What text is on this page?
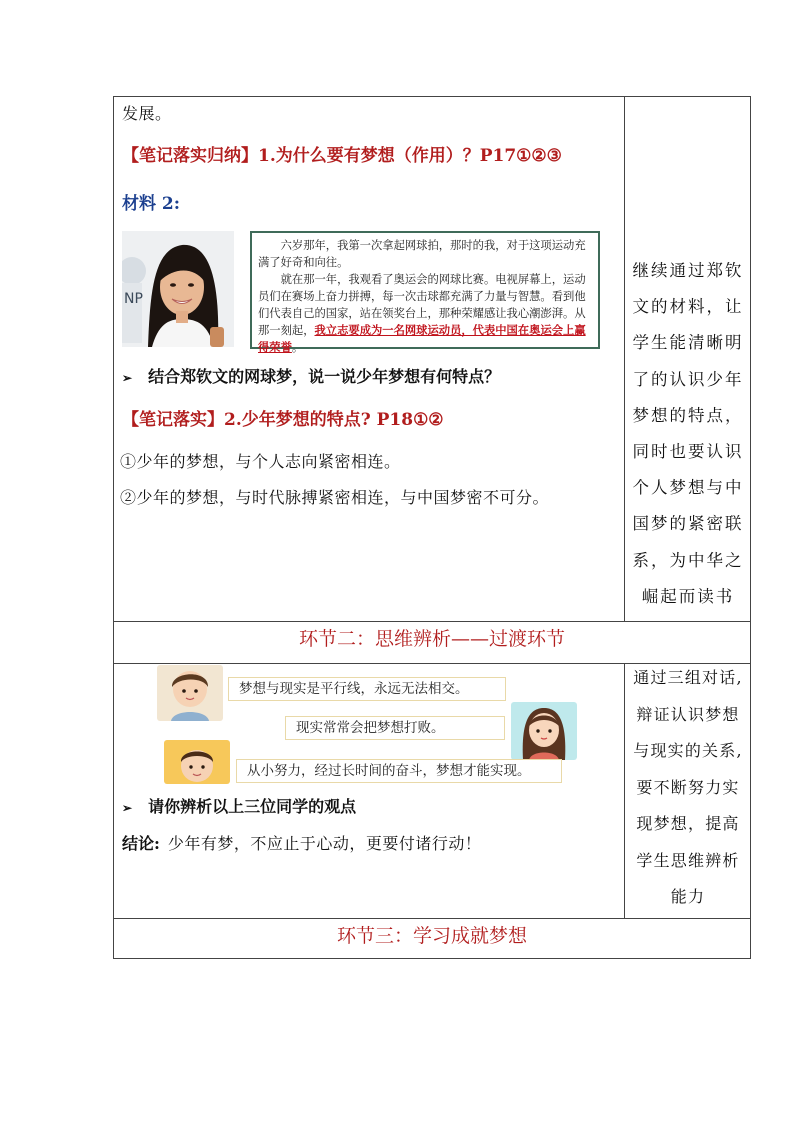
发展。
【笔记落实归纳】1.为什么要有梦想（作用）？P17①②③
材料 2:
NP

六岁那年，我第一次拿起网球拍，那时的我，对于这项运动充满了好奇和向往。

就在那一年，我观看了奥运会的网球比赛。电视屏幕上，运动员们在赛场上奋力拼搏，每一次击球都充满了力量与智慧。看到他们代表自己的国家，站在领奖台上，那种荣耀感让我心潮澎湃。从那一刻起，我立志要成为一名网球运动员，代表中国在奥运会上赢得荣誉。

➢ 结合郑钦文的网球梦，说一说少年梦想有何特点？
【笔记落实】2.少年梦想的特点? P18①②
①少年的梦想，与个人志向紧密相连。
②少年的梦想，与时代脉搏紧密相连，与中国梦密不可分。
继续通过郑钦
文的材料，让
学生能清晰明
了的认识少年
梦想的特点，
同时也要认识
个人梦想与中
国梦的紧密联
系，为中华之
崛起而读书
环节二：思维辨析——过渡环节
梦想与现实是平行线，永远无法相交。
现实常常会把梦想打败。
从小努力，经过长时间的奋斗，梦想才能实现。
➢ 请你辨析以上三位同学的观点
结论: 少年有梦，不应止于心动，更要付诸行动！
通过三组对话,
辩证认识梦想
与现实的关系,
要不断努力实
现梦想，提高
学生思维辨析
能力
环节三：学习成就梦想
